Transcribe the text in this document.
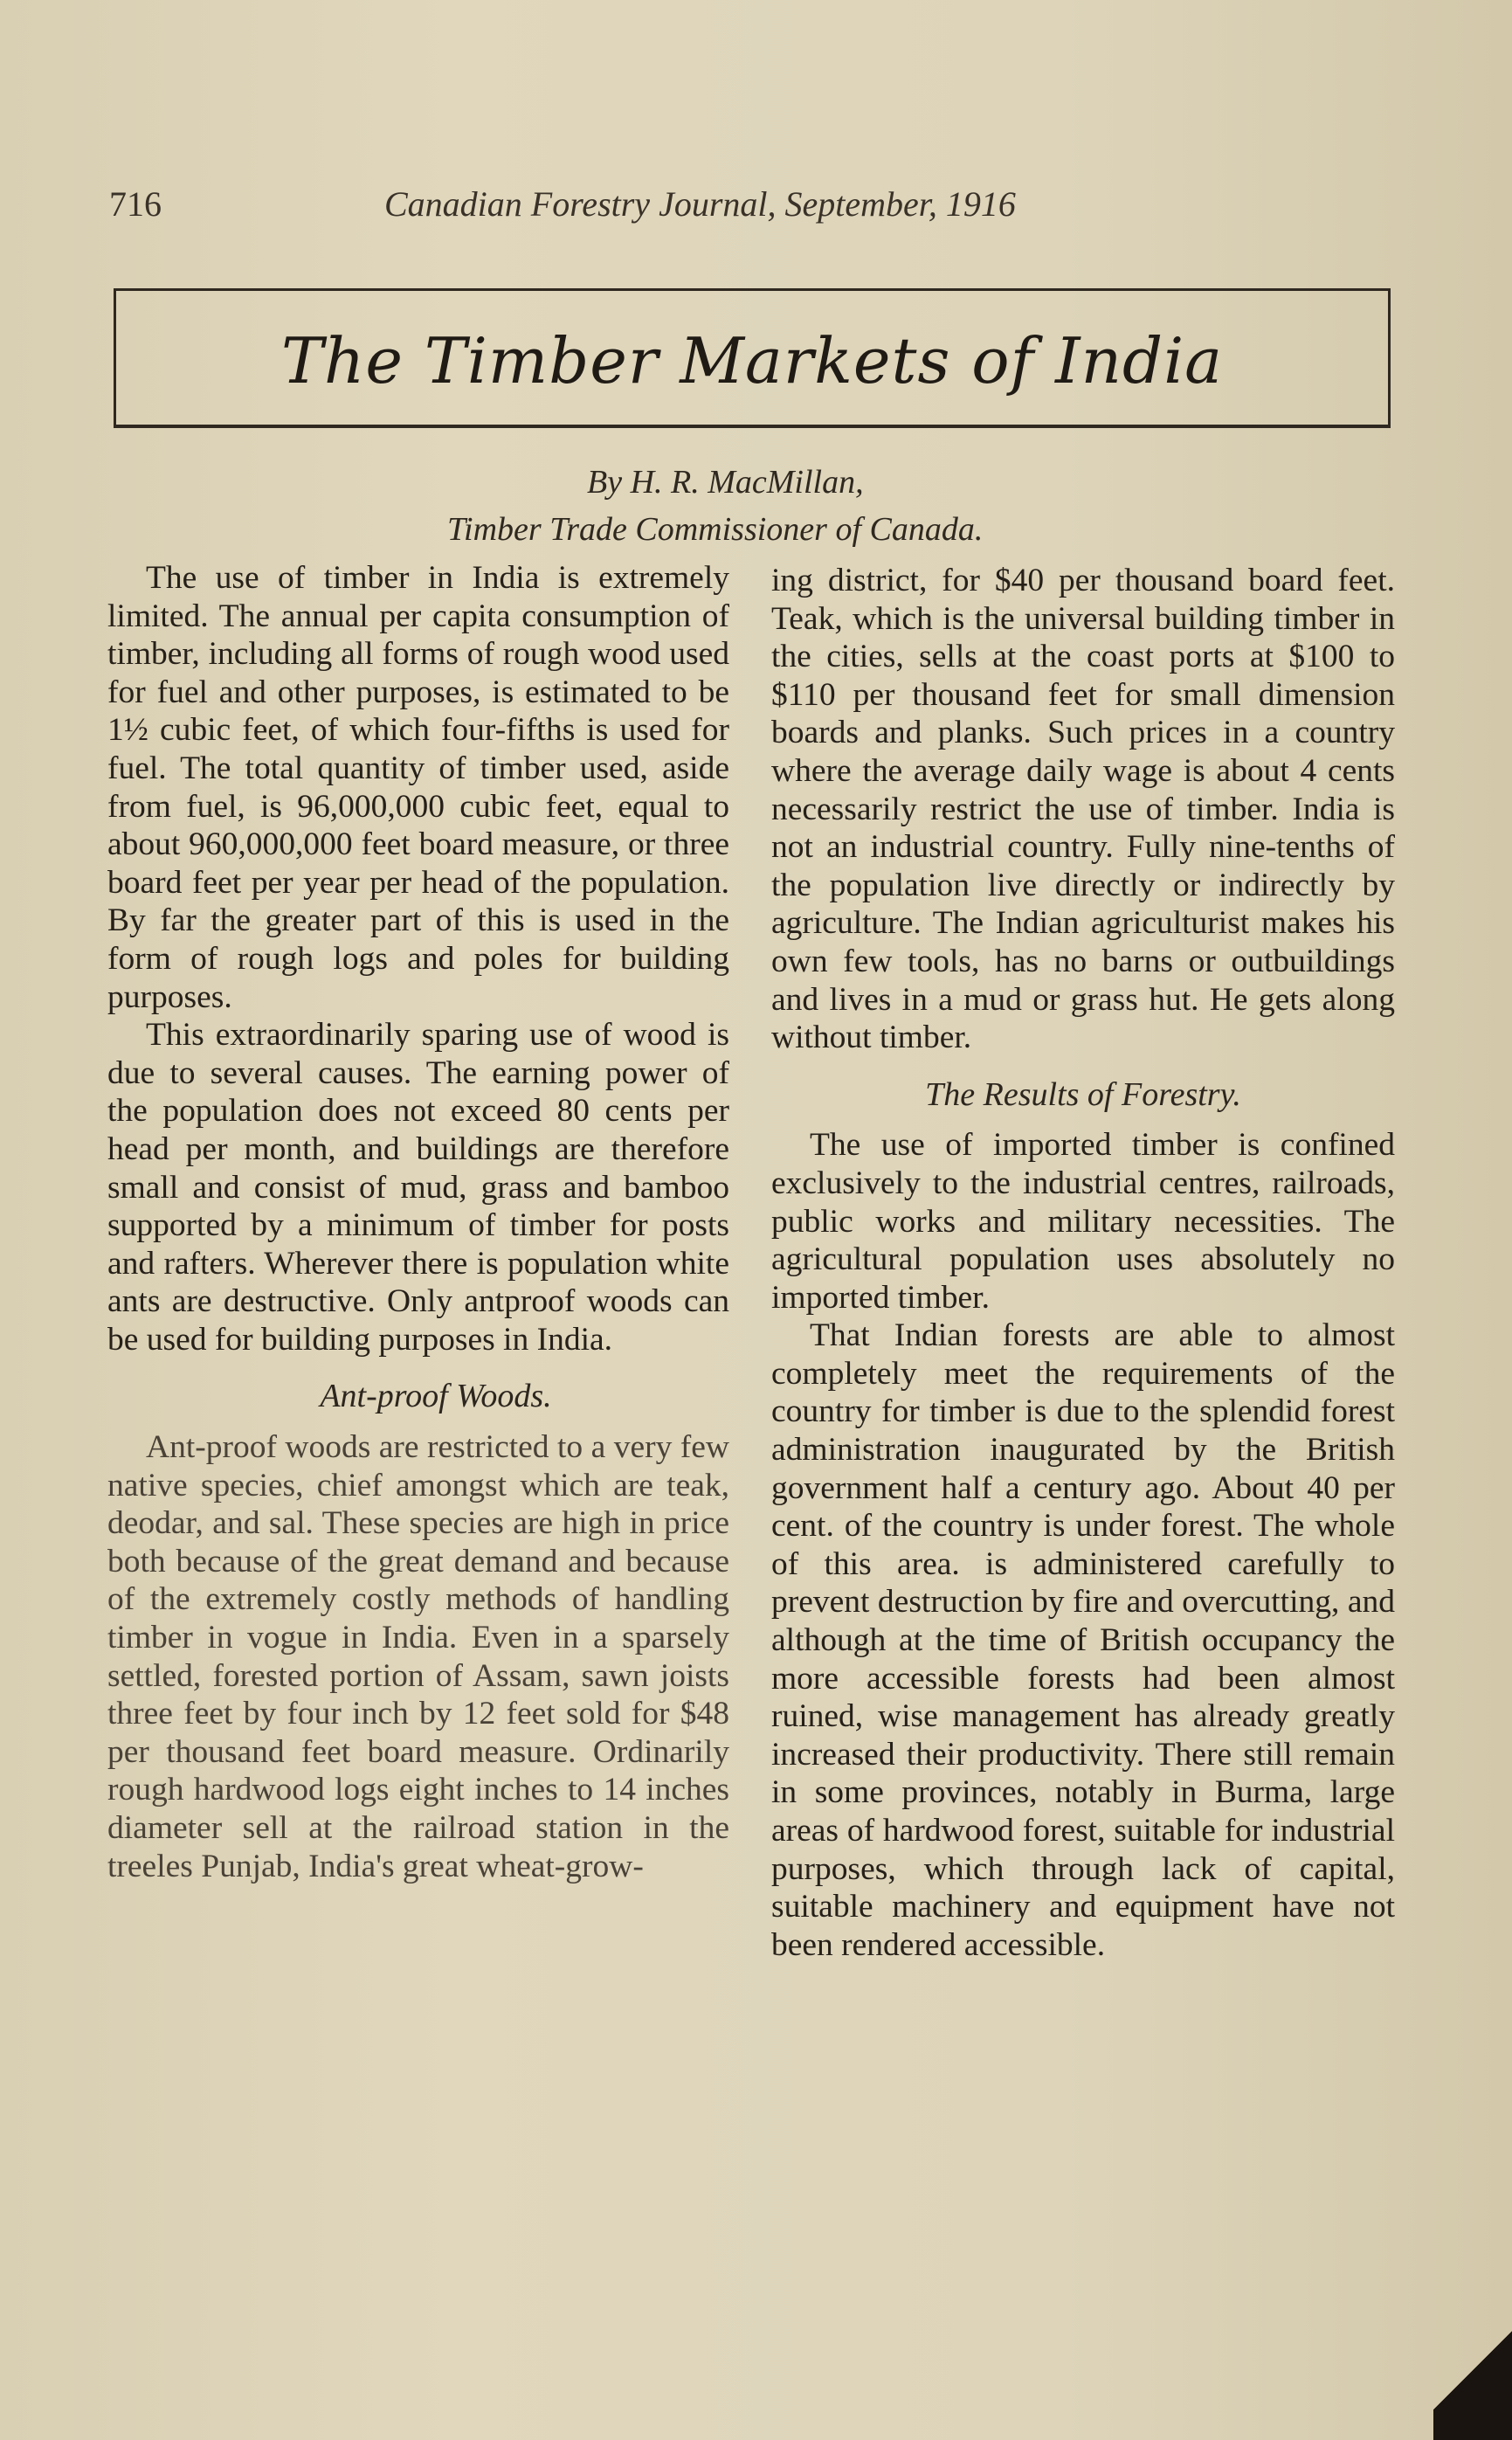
716	Canadian Forestry Journal, September, 1916
The Timber Markets of India
By H. R. MacMillan,
Timber Trade Commissioner of Canada.

The use of timber in India is extremely limited. The annual per capita consumption of timber, including all forms of rough wood used for fuel and other purposes, is estimated to be 1½ cubic feet, of which four-fifths is used for fuel. The total quantity of timber used, aside from fuel, is 96,000,000 cubic feet, equal to about 960,000,000 feet board measure, or three board feet per year per head of the population. By far the greater part of this is used in the form of rough logs and poles for building purposes.

This extraordinarily sparing use of wood is due to several causes. The earning power of the population does not exceed 80 cents per head per month, and buildings are therefore small and consist of mud, grass and bamboo supported by a minimum of timber for posts and rafters. Wherever there is population white ants are destructive. Only antproof woods can be used for building purposes in India.

Ant-proof Woods.

Ant-proof woods are restricted to a very few native species, chief amongst which are teak, deodar, and sal. These species are high in price both because of the great demand and because of the extremely costly methods of handling timber in vogue in India. Even in a sparsely settled, forested portion of Assam, sawn joists three feet by four inch by 12 feet sold for $48 per thousand feet board measure. Ordinarily rough hardwood logs eight inches to 14 inches diameter sell at the railroad station in the treeles Punjab, India's great wheat-grow-

ing district, for $40 per thousand board feet. Teak, which is the universal building timber in the cities, sells at the coast ports at $100 to $110 per thousand feet for small dimension boards and planks. Such prices in a country where the average daily wage is about 4 cents necessarily restrict the use of timber. India is not an industrial country. Fully nine-tenths of the population live directly or indirectly by agriculture. The Indian agriculturist makes his own few tools, has no barns or outbuildings and lives in a mud or grass hut. He gets along without timber.

The Results of Forestry.

The use of imported timber is confined exclusively to the industrial centres, railroads, public works and military necessities. The agricultural population uses absolutely no imported timber.

That Indian forests are able to almost completely meet the requirements of the country for timber is due to the splendid forest administration inaugurated by the British government half a century ago. About 40 per cent. of the country is under forest. The whole of this area. is administered carefully to prevent destruction by fire and overcutting, and although at the time of British occupancy the more accessible forests had been almost ruined, wise management has already greatly increased their productivity. There still remain in some provinces, notably in Burma, large areas of hardwood forest, suitable for industrial purposes, which through lack of capital, suitable machinery and equipment have not been rendered accessible.
